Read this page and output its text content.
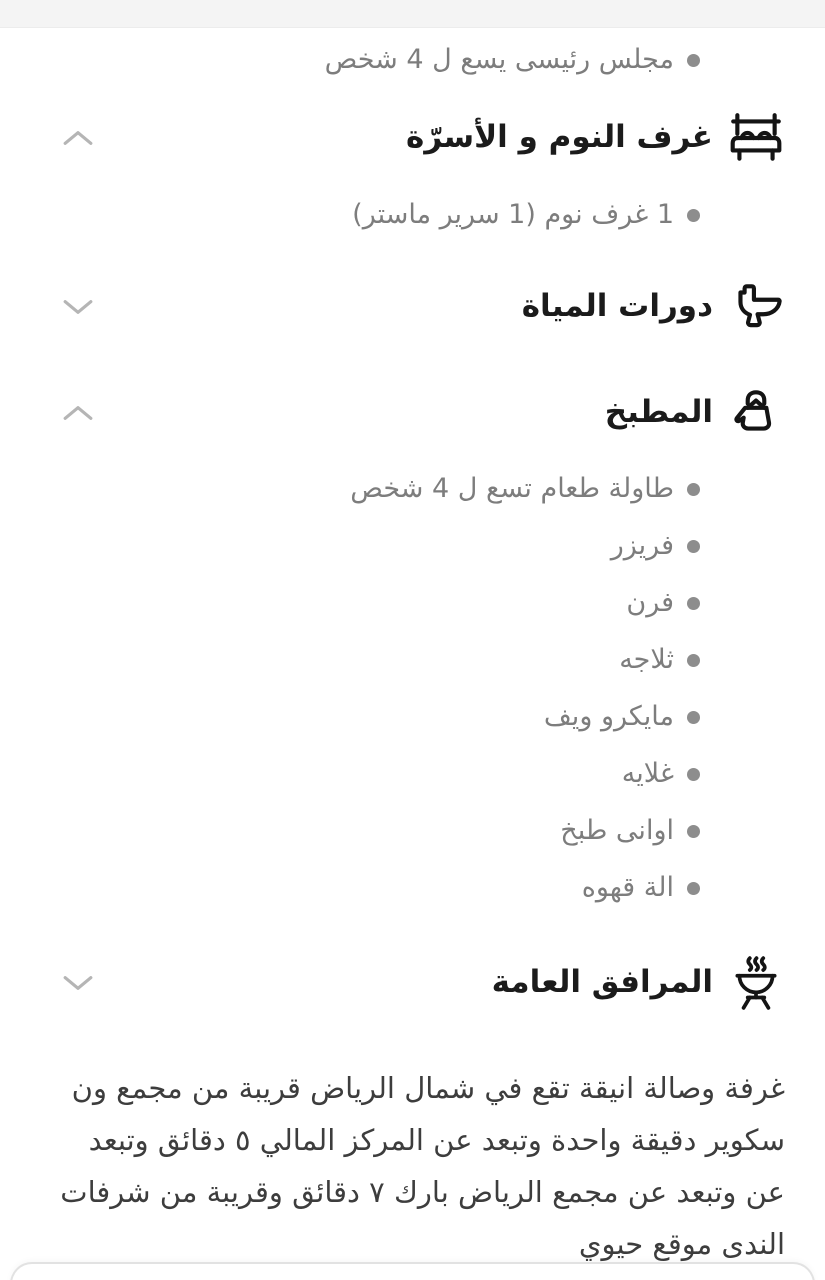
مجلس رئيسى يسع ل 4 شخص
غرف النوم و الأسرّة
1 غرف نوم (1 سرير ماستر)
دورات المياة
المطبخ
طاولة طعام تسع ل 4 شخص
فريزر
فرن
ثلاجه
مايكرو ويف
غلايه
اوانى طبخ
الة قهوه
المرافق العامة

غرفة وصالة انيقة تقع في شمال الرياض قريبة من مجمع ون سكوير دقيقة واحدة وتبعد عن المركز المالي ٥ دقائق وتبعد عن وتبعد عن مجمع الرياض بارك ٧ دقائق وقريبة من شرفات الندى موقع حيوي
